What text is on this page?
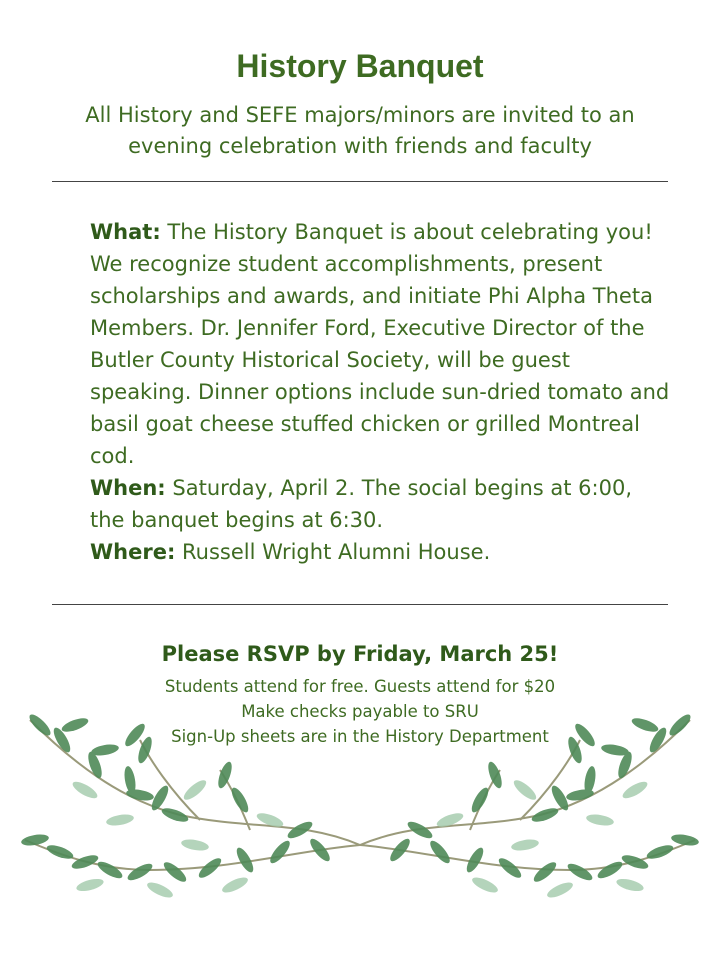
History Banquet
All History and SEFE majors/minors are invited to an evening celebration with friends and faculty

What: The History Banquet is about celebrating you! We recognize student accomplishments, present scholarships and awards, and initiate Phi Alpha Theta Members. Dr. Jennifer Ford, Executive Director of the Butler County Historical Society, will be guest speaking. Dinner options include sun-dried tomato and basil goat cheese stuffed chicken or grilled Montreal cod.

When: Saturday, April 2. The social begins at 6:00, the banquet begins at 6:30.

Where: Russell Wright Alumni House.

Please RSVP by Friday, March 25!
Students attend for free. Guests attend for $20
Make checks payable to SRU
Sign-Up sheets are in the History Department
